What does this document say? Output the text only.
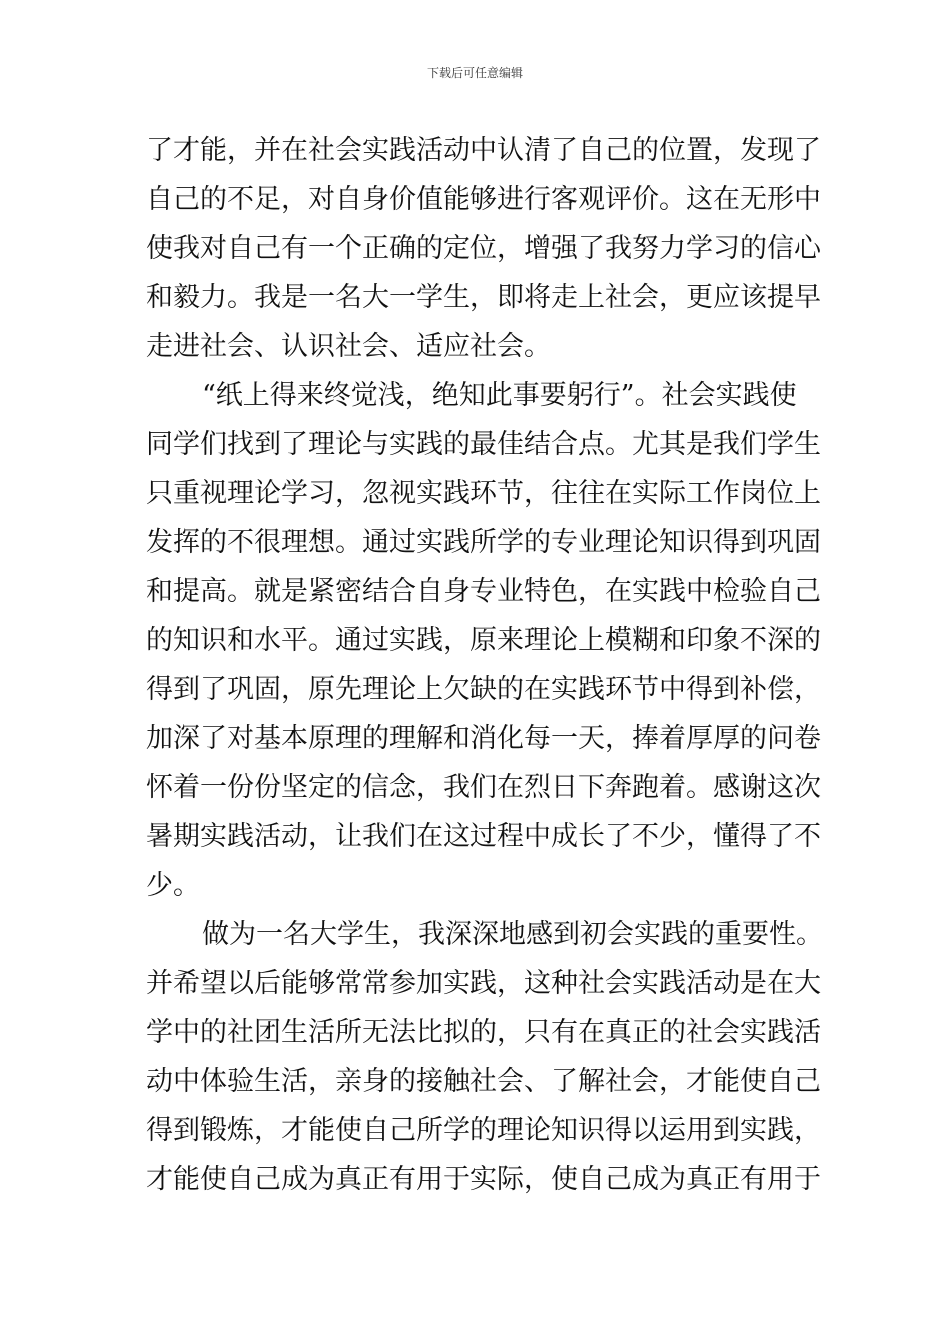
下载后可任意编辑
了才能，并在社会实践活动中认清了自己的位置，发现了
自己的不足，对自身价值能够进行客观评价。这在无形中
使我对自己有一个正确的定位，增强了我努力学习的信心
和毅力。我是一名大一学生，即将走上社会，更应该提早
走进社会、认识社会、适应社会。
“纸上得来终觉浅，绝知此事要躬行”。社会实践使
同学们找到了理论与实践的最佳结合点。尤其是我们学生
只重视理论学习，忽视实践环节，往往在实际工作岗位上
发挥的不很理想。通过实践所学的专业理论知识得到巩固
和提高。就是紧密结合自身专业特色，在实践中检验自己
的知识和水平。通过实践，原来理论上模糊和印象不深的
得到了巩固，原先理论上欠缺的在实践环节中得到补偿，
加深了对基本原理的理解和消化每一天，捧着厚厚的问卷
怀着一份份坚定的信念，我们在烈日下奔跑着。感谢这次
暑期实践活动，让我们在这过程中成长了不少，懂得了不
少。
做为一名大学生，我深深地感到初会实践的重要性。
并希望以后能够常常参加实践，这种社会实践活动是在大
学中的社团生活所无法比拟的，只有在真正的社会实践活
动中体验生活，亲身的接触社会、了解社会，才能使自己
得到锻炼，才能使自己所学的理论知识得以运用到实践，
才能使自己成为真正有用于实际，使自己成为真正有用于
